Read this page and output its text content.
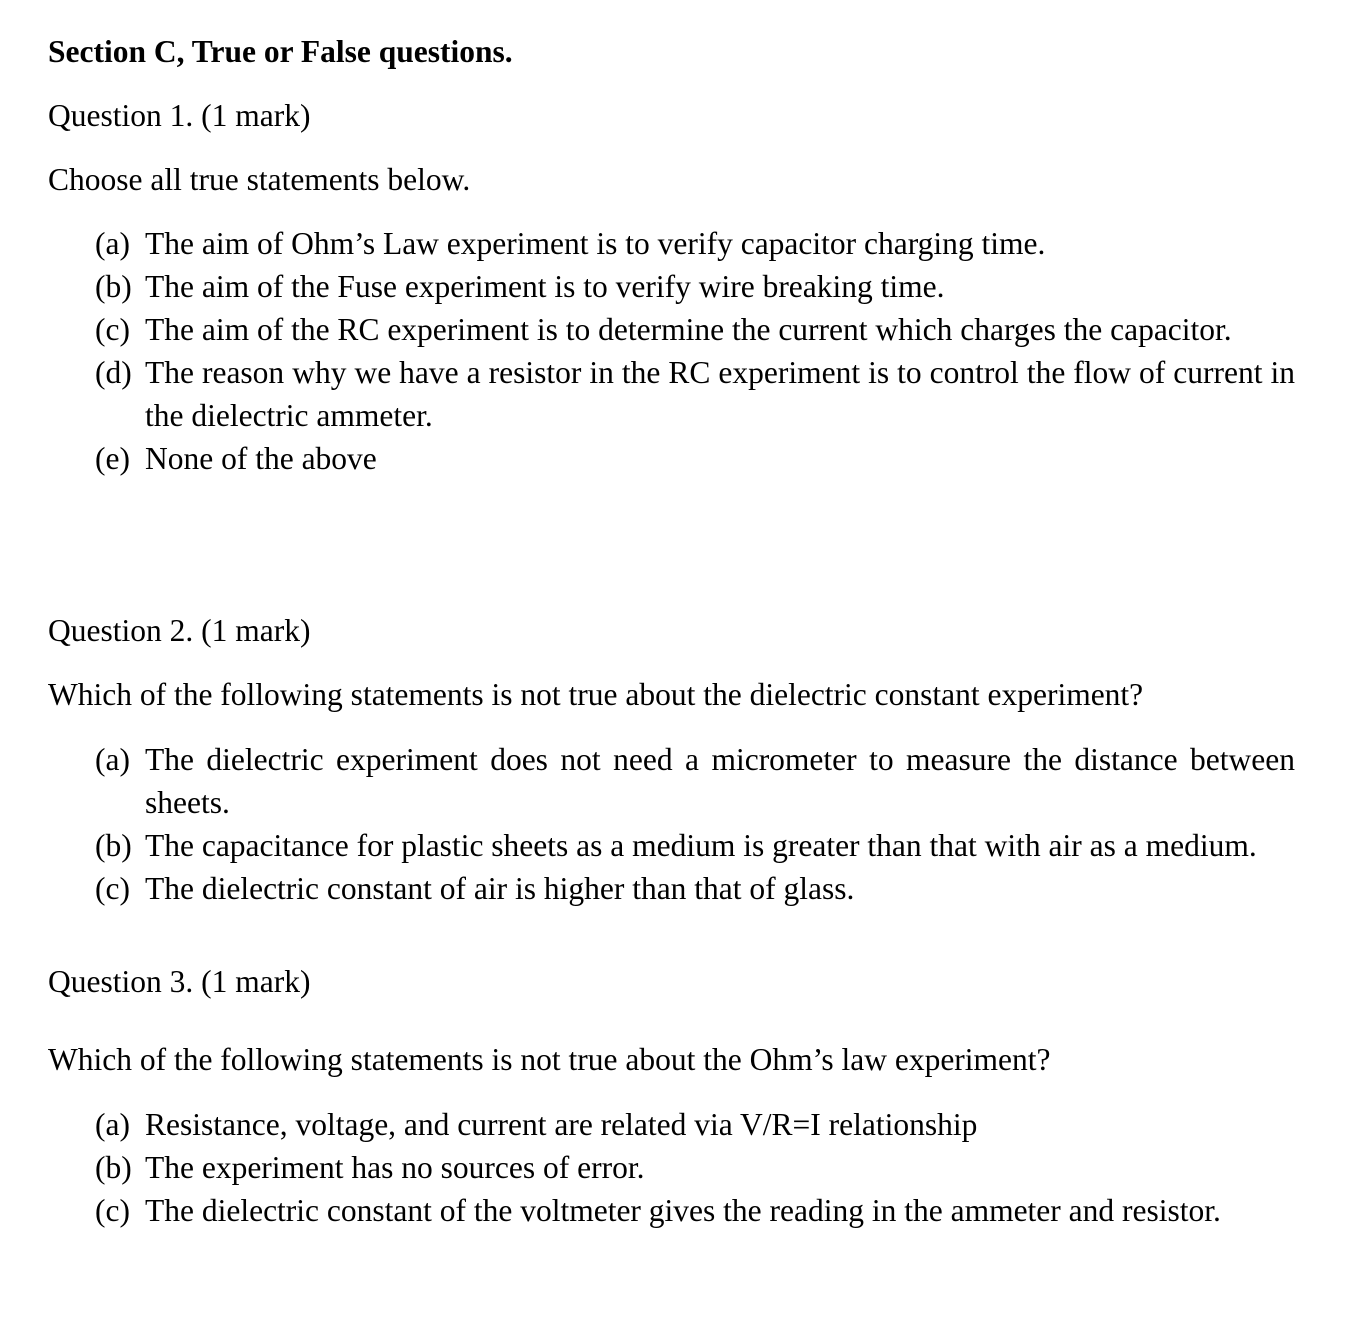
Section C, True or False questions.

Question 1. (1 mark)

Choose all true statements below.

(a) The aim of Ohm’s Law experiment is to verify capacitor charging time.
(b) The aim of the Fuse experiment is to verify wire breaking time.
(c) The aim of the RC experiment is to determine the current which charges the capacitor.
(d) The reason why we have a resistor in the RC experiment is to control the flow of current in the dielectric ammeter.
(e) None of the above

Question 2. (1 mark)

Which of the following statements is not true about the dielectric constant experiment?

(a) The dielectric experiment does not need a micrometer to measure the distance between sheets.
(b) The capacitance for plastic sheets as a medium is greater than that with air as a medium.
(c) The dielectric constant of air is higher than that of glass.

Question 3. (1 mark)

Which of the following statements is not true about the Ohm’s law experiment?

(a) Resistance, voltage, and current are related via V/R=I relationship
(b) The experiment has no sources of error.
(c) The dielectric constant of the voltmeter gives the reading in the ammeter and resistor.
